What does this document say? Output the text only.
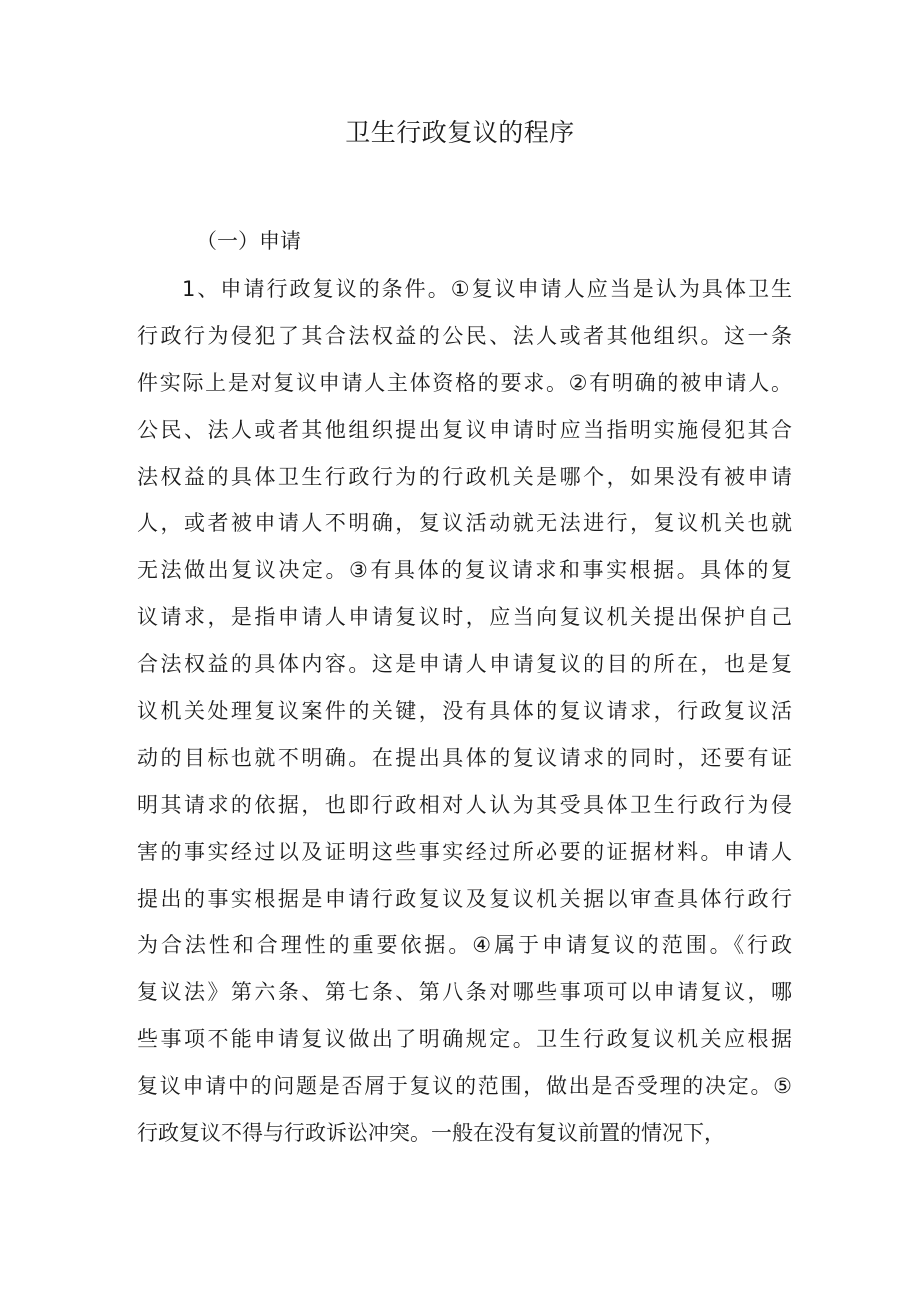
卫生行政复议的程序
（一）申请
1、申请行政复议的条件。①复议申请人应当是认为具体卫生
行政行为侵犯了其合法权益的公民、法人或者其他组织。这一条
件实际上是对复议申请人主体资格的要求。②有明确的被申请人。
公民、法人或者其他组织提出复议申请时应当指明实施侵犯其合
法权益的具体卫生行政行为的行政机关是哪个，如果没有被申请
人，或者被申请人不明确，复议活动就无法进行，复议机关也就
无法做出复议决定。③有具体的复议请求和事实根据。具体的复
议请求，是指申请人申请复议时，应当向复议机关提出保护自己
合法权益的具体内容。这是申请人申请复议的目的所在，也是复
议机关处理复议案件的关键，没有具体的复议请求，行政复议活
动的目标也就不明确。在提出具体的复议请求的同时，还要有证
明其请求的依据，也即行政相对人认为其受具体卫生行政行为侵
害的事实经过以及证明这些事实经过所必要的证据材料。申请人
提出的事实根据是申请行政复议及复议机关据以审查具体行政行
为合法性和合理性的重要依据。④属于申请复议的范围。《行政
复议法》第六条、第七条、第八条对哪些事项可以申请复议，哪
些事项不能申请复议做出了明确规定。卫生行政复议机关应根据
复议申请中的问题是否屑于复议的范围，做出是否受理的决定。⑤
行政复议不得与行政诉讼冲突。一般在没有复议前置的情况下，
